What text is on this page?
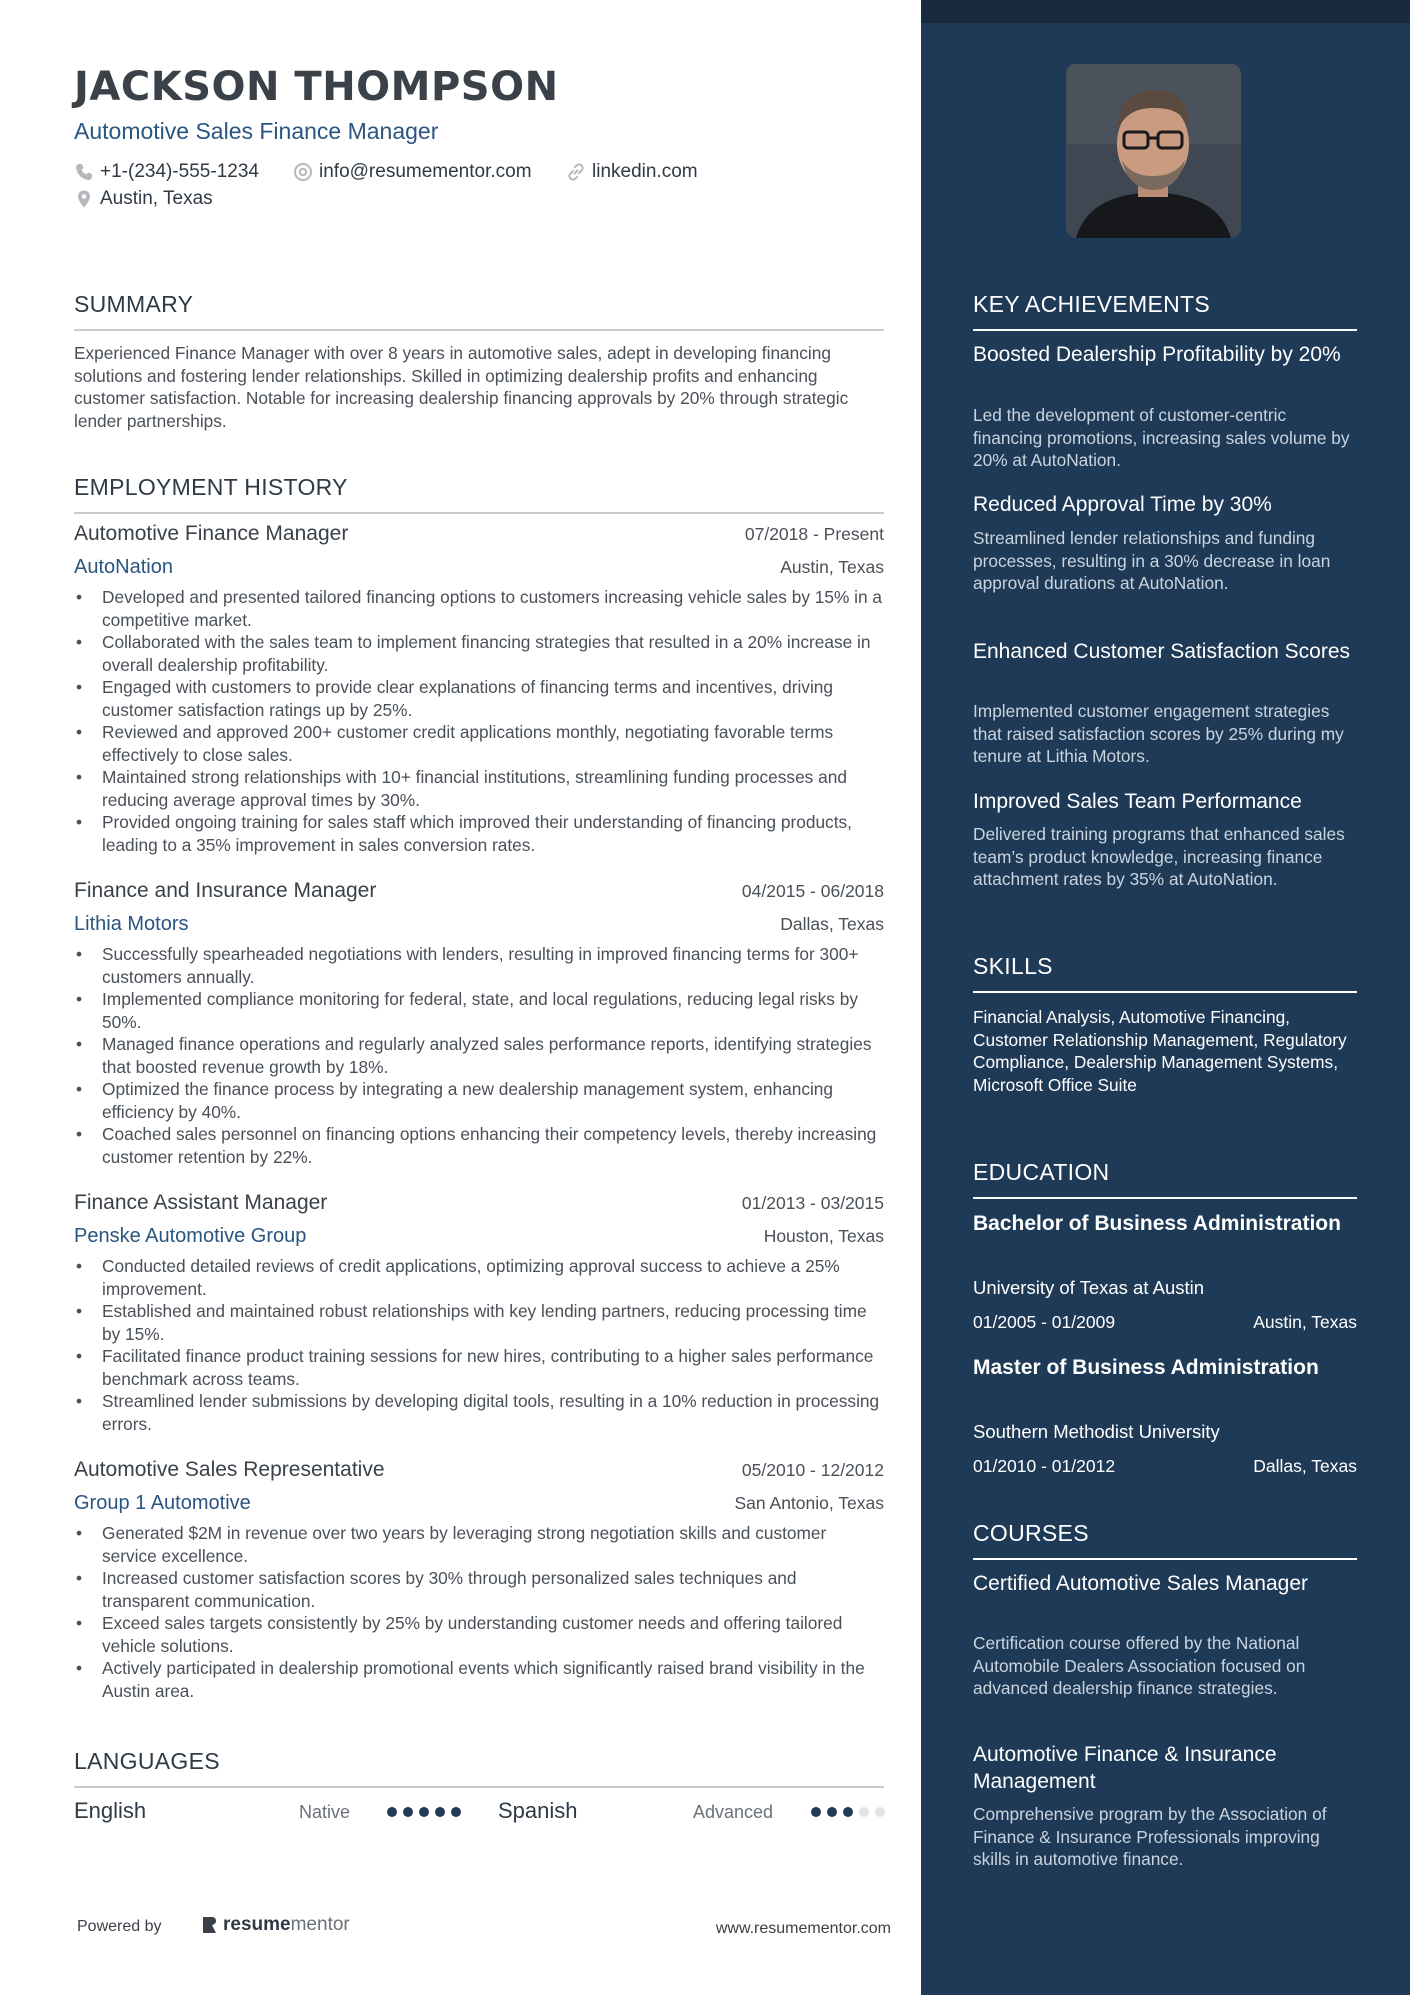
JACKSON THOMPSON
Automotive Sales Finance Manager
+1-(234)-555-1234	info@resumementor.com	linkedin.com
Austin, Texas
SUMMARY
Experienced Finance Manager with over 8 years in automotive sales, adept in developing financing solutions and fostering lender relationships. Skilled in optimizing dealership profits and enhancing customer satisfaction. Notable for increasing dealership financing approvals by 20% through strategic lender partnerships.
EMPLOYMENT HISTORY
Automotive Finance Manager	07/2018 - Present
AutoNation	Austin, Texas
• Developed and presented tailored financing options to customers increasing vehicle sales by 15% in a competitive market.
• Collaborated with the sales team to implement financing strategies that resulted in a 20% increase in overall dealership profitability.
• Engaged with customers to provide clear explanations of financing terms and incentives, driving customer satisfaction ratings up by 25%.
• Reviewed and approved 200+ customer credit applications monthly, negotiating favorable terms effectively to close sales.
• Maintained strong relationships with 10+ financial institutions, streamlining funding processes and reducing average approval times by 30%.
• Provided ongoing training for sales staff which improved their understanding of financing products, leading to a 35% improvement in sales conversion rates.
Finance and Insurance Manager	04/2015 - 06/2018
Lithia Motors	Dallas, Texas
• Successfully spearheaded negotiations with lenders, resulting in improved financing terms for 300+ customers annually.
• Implemented compliance monitoring for federal, state, and local regulations, reducing legal risks by 50%.
• Managed finance operations and regularly analyzed sales performance reports, identifying strategies that boosted revenue growth by 18%.
• Optimized the finance process by integrating a new dealership management system, enhancing efficiency by 40%.
• Coached sales personnel on financing options enhancing their competency levels, thereby increasing customer retention by 22%.
Finance Assistant Manager	01/2013 - 03/2015
Penske Automotive Group	Houston, Texas
• Conducted detailed reviews of credit applications, optimizing approval success to achieve a 25% improvement.
• Established and maintained robust relationships with key lending partners, reducing processing time by 15%.
• Facilitated finance product training sessions for new hires, contributing to a higher sales performance benchmark across teams.
• Streamlined lender submissions by developing digital tools, resulting in a 10% reduction in processing errors.
Automotive Sales Representative	05/2010 - 12/2012
Group 1 Automotive	San Antonio, Texas
• Generated $2M in revenue over two years by leveraging strong negotiation skills and customer service excellence.
• Increased customer satisfaction scores by 30% through personalized sales techniques and transparent communication.
• Exceed sales targets consistently by 25% by understanding customer needs and offering tailored vehicle solutions.
• Actively participated in dealership promotional events which significantly raised brand visibility in the Austin area.
LANGUAGES
English	Native	Spanish	Advanced
Powered by	resume mentor	www.resumementor.com
KEY ACHIEVEMENTS
Boosted Dealership Profitability by 20%
Led the development of customer-centric financing promotions, increasing sales volume by 20% at AutoNation.
Reduced Approval Time by 30%
Streamlined lender relationships and funding processes, resulting in a 30% decrease in loan approval durations at AutoNation.
Enhanced Customer Satisfaction Scores
Implemented customer engagement strategies that raised satisfaction scores by 25% during my tenure at Lithia Motors.
Improved Sales Team Performance
Delivered training programs that enhanced sales team’s product knowledge, increasing finance attachment rates by 35% at AutoNation.
SKILLS
Financial Analysis, Automotive Financing, Customer Relationship Management, Regulatory Compliance, Dealership Management Systems, Microsoft Office Suite
EDUCATION
Bachelor of Business Administration
University of Texas at Austin
01/2005 - 01/2009	Austin, Texas
Master of Business Administration
Southern Methodist University
01/2010 - 01/2012	Dallas, Texas
COURSES
Certified Automotive Sales Manager
Certification course offered by the National Automobile Dealers Association focused on advanced dealership finance strategies.
Automotive Finance & Insurance Management
Comprehensive program by the Association of Finance & Insurance Professionals improving skills in automotive finance.
